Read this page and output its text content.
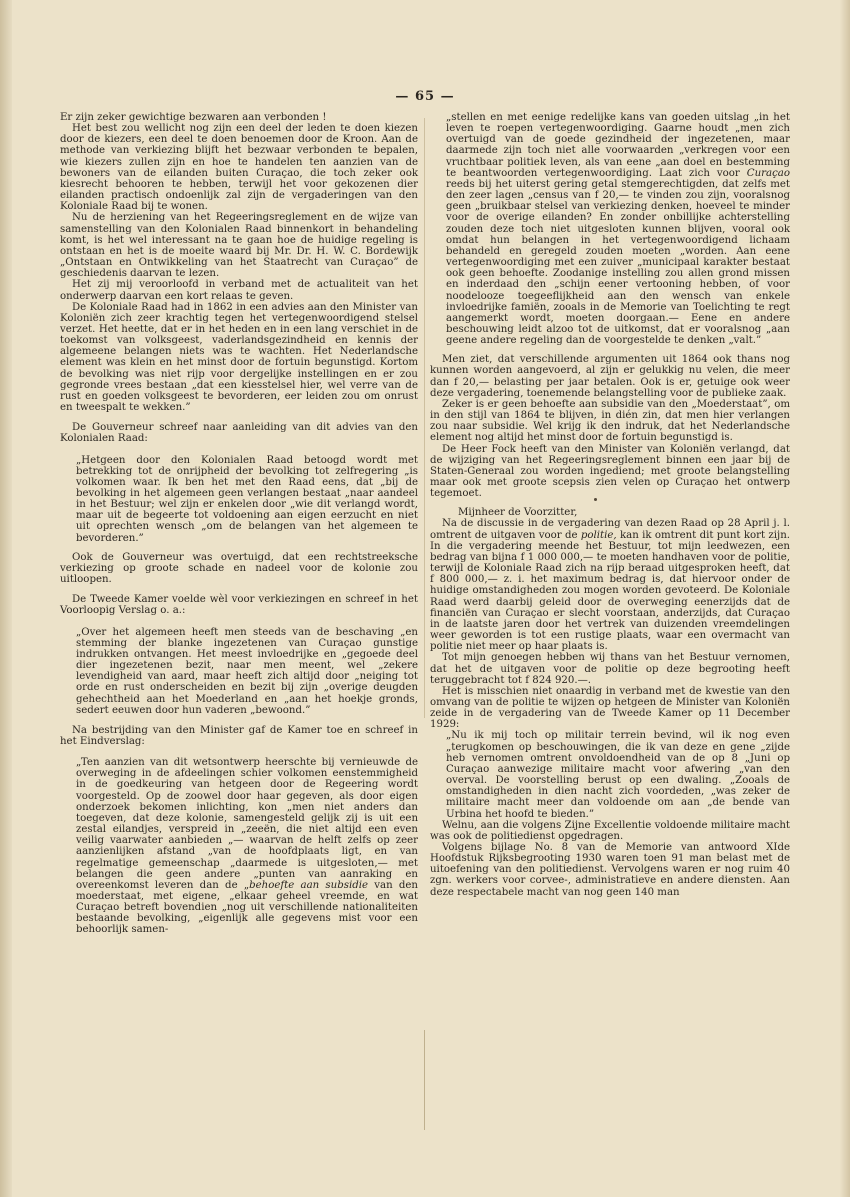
— 65 —

Er zijn zeker gewichtige bezwaren aan verbonden !

Het best zou wellicht nog zijn een deel der leden te doen kiezen door de kiezers, een deel te doen benoemen door de Kroon. Aan de methode van verkiezing blijft het bezwaar verbonden te bepalen, wie kiezers zullen zijn en hoe te handelen ten aanzien van de bewoners van de eilanden buiten Curaçao, die toch zeker ook kiesrecht behooren te hebben, terwijl het voor gekozenen dier eilanden practisch ondoenlijk zal zijn de vergaderingen van den Koloniale Raad bij te wonen.

Nu de herziening van het Regeeringsreglement en de wijze van samenstelling van den Kolonialen Raad binnenkort in behandeling komt, is het wel interessant na te gaan hoe de huidige regeling is ontstaan en het is de moeite waard bij Mr. Dr. H. W. C. Bordewijk „Ontstaan en Ontwikkeling van het Staatrecht van Curaçao” de geschiedenis daarvan te lezen.

Het zij mij veroorloofd in verband met de actualiteit van het onderwerp daarvan een kort relaas te geven.

De Koloniale Raad had in 1862 in een advies aan den Minister van Koloniën zich zeer krachtig tegen het vertegenwoordigend stelsel verzet. Het heette, dat er in het heden en in een lang verschiet in de toekomst van volksgeest, vaderlandsgezindheid en kennis der algemeene belangen niets was te wachten. Het Nederlandsche element was klein en het minst door de fortuin begunstigd. Kortom de bevolking was niet rijp voor dergelijke instellingen en er zou gegronde vrees bestaan „dat een kiesstelsel hier, wel verre van de rust en goeden volksgeest te bevorderen, eer leiden zou om onrust en tweespalt te wekken.”

De Gouverneur schreef naar aanleiding van dit advies van den Kolonialen Raad:

„Hetgeen door den Kolonialen Raad betoogd wordt met betrekking tot de onrijpheid der bevolking tot zelfregering „is volkomen waar. Ik ben het met den Raad eens, dat „bij de bevolking in het algemeen geen verlangen bestaat „naar aandeel in het Bestuur; wel zijn er enkelen door „wie dit verlangd wordt, maar uit de begeerte tot voldoening aan eigen eerzucht en niet uit oprechten wensch „om de belangen van het algemeen te bevorderen.”

Ook de Gouverneur was overtuigd, dat een rechtstreeksche verkiezing op groote schade en nadeel voor de kolonie zou uitloopen.

De Tweede Kamer voelde wèl voor verkiezingen en schreef in het Voorloopig Verslag o. a.:

„Over het algemeen heeft men steeds van de beschaving „en stemming der blanke ingezetenen van Curaçao gunstige indrukken ontvangen. Het meest invloedrijke en „gegoede deel dier ingezetenen bezit, naar men meent, wel „zekere levendigheid van aard, maar heeft zich altijd door „neiging tot orde en rust onderscheiden en bezit bij zijn „overige deugden gehechtheid aan het Moederland en „aan het hoekje gronds, sedert eeuwen door hun vaderen „bewoond.”

Na bestrijding van den Minister gaf de Kamer toe en schreef in het Eindverslag:

„Ten aanzien van dit wetsontwerp heerschte bij vernieuwde de overweging in de afdeelingen schier volkomen eenstemmigheid in de goedkeuring van hetgeen door de Regeering wordt voorgesteld. Op de zoowel door haar gegeven, als door eigen onderzoek bekomen inlichting, kon „men niet anders dan toegeven, dat deze kolonie, samengesteld gelijk zij is uit een zestal eilandjes, verspreid in „zeeën, die niet altijd een even veilig vaarwater aanbieden „— waarvan de helft zelfs op zeer aanzienlijken afstand „van de hoofdplaats ligt, en van regelmatige gemeenschap „daarmede is uitgesloten,— met belangen die geen andere „punten van aanraking en overeenkomst leveren dan de „behoefte aan subsidie van den moederstaat, met eigene, „elkaar geheel vreemde, en wat Curaçao betreft bovendien „nog uit verschillende nationaliteiten bestaande bevolking, „eigenlijk alle gegevens mist voor een behoorlijk samen-

„stellen en met eenige redelijke kans van goeden uitslag „in het leven te roepen vertegenwoordiging. Gaarne houdt „men zich overtuigd van de goede gezindheid der ingezetenen, maar daarmede zijn toch niet alle voorwaarden „verkregen voor een vruchtbaar politiek leven, als van eene „aan doel en bestemming te beantwoorden vertegenwoordiging. Laat zich voor Curaçao reeds bij het uiterst gering getal stemgerechtigden, dat zelfs met den zeer lagen „census van f 20,— te vinden zou zijn, vooralsnog geen „bruikbaar stelsel van verkiezing denken, hoeveel te minder voor de overige eilanden? En zonder onbillijke achterstelling zouden deze toch niet uitgesloten kunnen blijven, vooral ook omdat hun belangen in het vertegenwoordigend lichaam behandeld en geregeld zouden moeten „worden. Aan eene vertegenwoordiging met een zuiver „municipaal karakter bestaat ook geen behoefte. Zoodanige instelling zou allen grond missen en inderdaad den „schijn eener vertooning hebben, of voor noodelooze toegeeflijkheid aan den wensch van enkele invloedrijke famiën, zooals in de Memorie van Toelichting te regt aangemerkt wordt, moeten doorgaan.— Eene en andere beschouwing leidt alzoo tot de uitkomst, dat er vooralsnog „aan geene andere regeling dan de voorgestelde te denken „valt.”

Men ziet, dat verschillende argumenten uit 1864 ook thans nog kunnen worden aangevoerd, al zijn er gelukkig nu velen, die meer dan f 20,— belasting per jaar betalen. Ook is er, getuige ook weer deze vergadering, toenemende belangstelling voor de publieke zaak.

Zeker is er geen behoefte aan subsidie van den „Moederstaat”, om in den stijl van 1864 te blijven, in dién zin, dat men hier verlangen zou naar subsidie. Wel krijg ik den indruk, dat het Nederlandsche element nog altijd het minst door de fortuin begunstigd is.

De Heer Fock heeft van den Minister van Koloniën verlangd, dat de wijziging van het Regeeringsreglement binnen een jaar bij de Staten-Generaal zou worden ingediend; met groote belangstelling maar ook met groote scepsis zien velen op Curaçao het ontwerp tegemoet.

Mijnheer de Voorzitter,

Na de discussie in de vergadering van dezen Raad op 28 April j. l. omtrent de uitgaven voor de politie, kan ik omtrent dit punt kort zijn. In die vergadering meende het Bestuur, tot mijn leedwezen, een bedrag van bijna f 1 000 000,— te moeten handhaven voor de politie, terwijl de Koloniale Raad zich na rijp beraad uitgesproken heeft, dat f 800 000,— z. i. het maximum bedrag is, dat hiervoor onder de huidige omstandigheden zou mogen worden gevoteerd. De Koloniale Raad werd daarbij geleid door de overweging eenerzijds dat de financiën van Curaçao er slecht voorstaan, anderzijds, dat Curaçao in de laatste jaren door het vertrek van duizenden vreemdelingen weer geworden is tot een rustige plaats, waar een overmacht van politie niet meer op haar plaats is.

Tot mijn genoegen hebben wij thans van het Bestuur vernomen, dat het de uitgaven voor de politie op deze begrooting heeft teruggebracht tot f 824 920.—.

Het is misschien niet onaardig in verband met de kwestie van den omvang van de politie te wijzen op hetgeen de Minister van Koloniën zeide in de vergadering van de Tweede Kamer op 11 December 1929:

„Nu ik mij toch op militair terrein bevind, wil ik nog even „terugkomen op beschouwingen, die ik van deze en gene „zijde heb vernomen omtrent onvoldoendheid van de op 8 „Juni op Curaçao aanwezige militaire macht voor afwering „van den overval. De voorstelling berust op een dwaling. „Zooals de omstandigheden in dien nacht zich voordeden, „was zeker de militaire macht meer dan voldoende om aan „de bende van Urbina het hoofd te bieden.”

Welnu, aan die volgens Zijne Excellentie voldoende militaire macht was ook de politiedienst opgedragen.

Volgens bijlage No. 8 van de Memorie van antwoord XIde Hoofdstuk Rijksbegrooting 1930 waren toen 91 man belast met de uitoefening van den politiedienst. Vervolgens waren er nog ruim 40 zgn. werkers voor corvee-, administratieve en andere diensten. Aan deze respectabele macht van nog geen 140 man
